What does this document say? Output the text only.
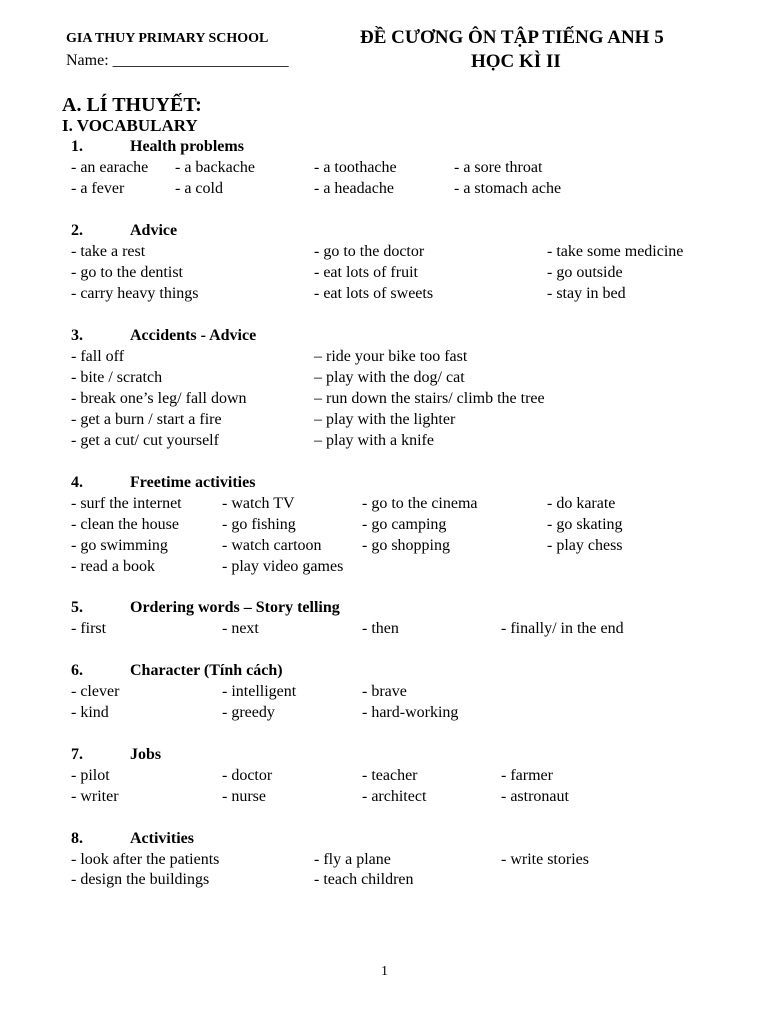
GIA THUY PRIMARY SCHOOL
Name: ______________________
ĐỀ CƯƠNG ÔN TẬP TIẾNG ANH 5
HỌC KÌ II
A. LÍ THUYẾT:
I. VOCABULARY
1.	Health problems
- an earache - a backache	- a toothache	- a sore throat
- a fever	- a cold	- a headache	- a stomach ache
2.	Advice
- take a rest	- go to the doctor	- take some medicine
- go to the dentist	- eat lots of fruit	- go outside
- carry heavy things	- eat lots of sweets	- stay in bed
3.	Accidents - Advice
- fall off	– ride your bike too fast
- bite / scratch	– play with the dog/ cat
- break one’s leg/ fall down	– run down the stairs/ climb the tree
- get a burn / start a fire	– play with the lighter
- get a cut/ cut yourself	– play with a knife
4.	Freetime activities
- surf the internet	- watch TV	- go to the cinema	- do karate
- clean the house	- go fishing	- go camping	- go skating
- go swimming	- watch cartoon	- go shopping	- play chess
- read a book	- play video games
5.	Ordering words – Story telling
- first	- next	- then	- finally/ in the end
6.	Character (Tính cách)
- clever	- intelligent	- brave
- kind	- greedy	- hard-working
7.	Jobs
- pilot	- doctor	- teacher	- farmer
- writer	- nurse	- architect	- astronaut
8.	Activities
- look after the patients	- fly a plane	- write stories
- design the buildings	- teach children
1
